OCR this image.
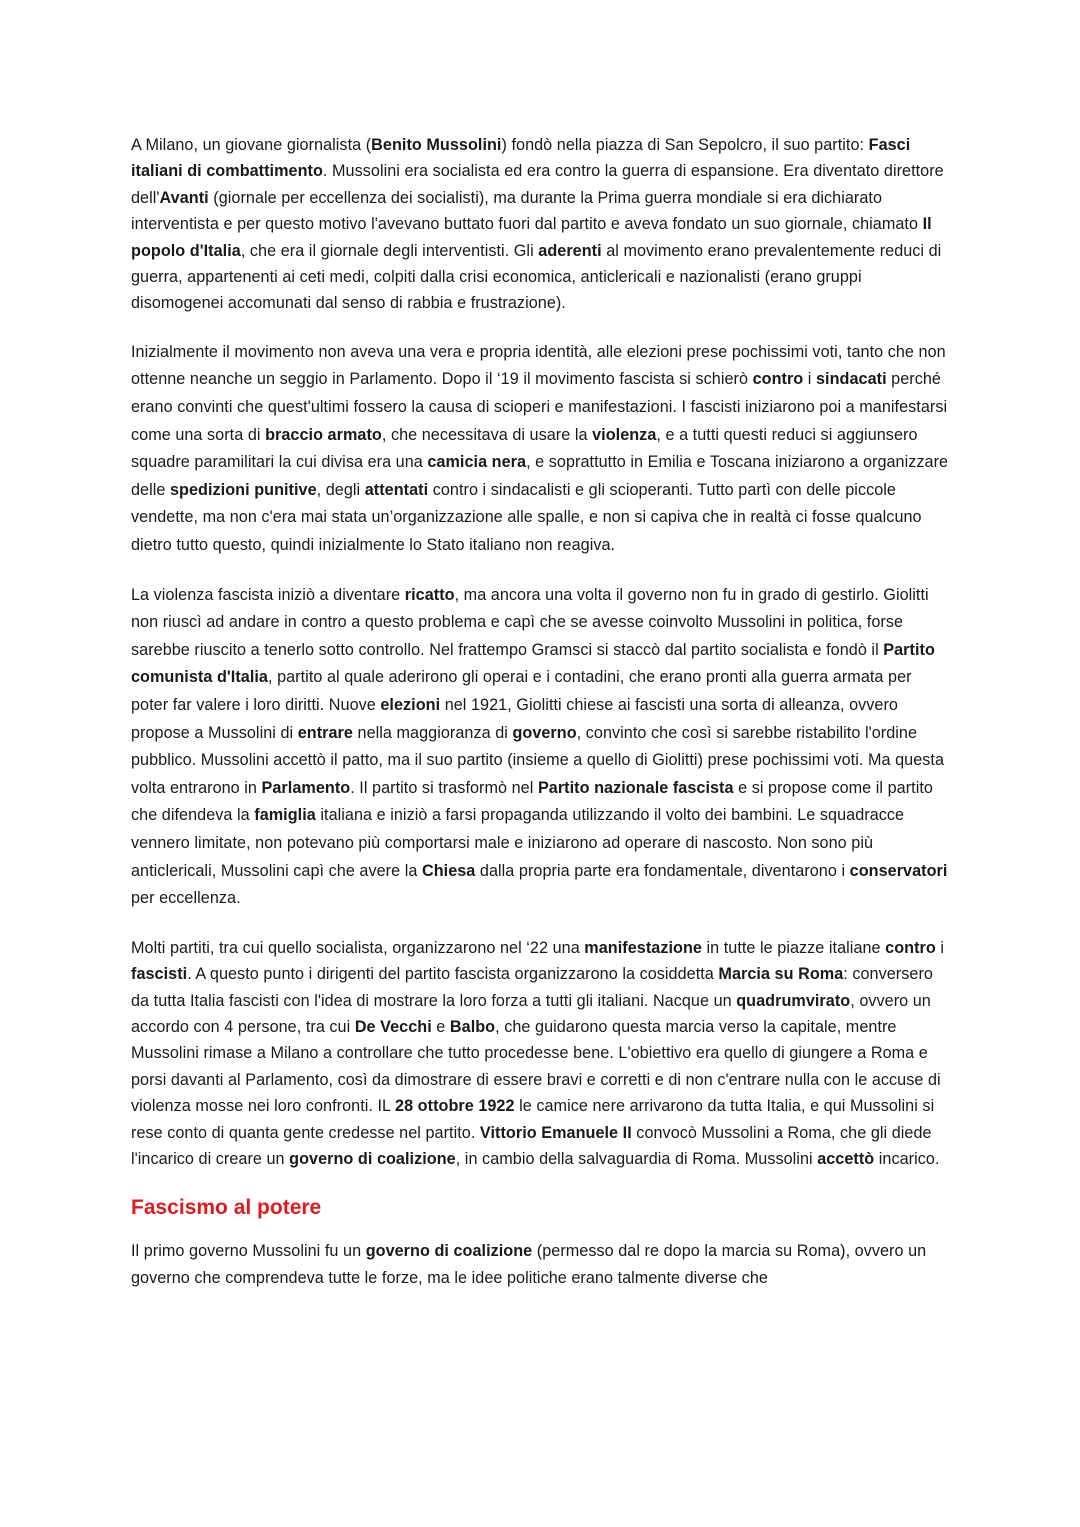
A Milano, un giovane giornalista (Benito Mussolini) fondò nella piazza di San Sepolcro, il suo partito: Fasci italiani di combattimento. Mussolini era socialista ed era contro la guerra di espansione. Era diventato direttore dell'Avanti (giornale per eccellenza dei socialisti), ma durante la Prima guerra mondiale si era dichiarato interventista e per questo motivo l'avevano buttato fuori dal partito e aveva fondato un suo giornale, chiamato Il popolo d'Italia, che era il giornale degli interventisti. Gli aderenti al movimento erano prevalentemente reduci di guerra, appartenenti ai ceti medi, colpiti dalla crisi economica, anticlericali e nazionalisti (erano gruppi disomogenei accomunati dal senso di rabbia e frustrazione).

Inizialmente il movimento non aveva una vera e propria identità, alle elezioni prese pochissimi voti, tanto che non ottenne neanche un seggio in Parlamento. Dopo il ‘19 il movimento fascista si schierò contro i sindacati perché erano convinti che quest'ultimi fossero la causa di scioperi e manifestazioni. I fascisti iniziarono poi a manifestarsi come una sorta di braccio armato, che necessitava di usare la violenza, e a tutti questi reduci si aggiunsero squadre paramilitari la cui divisa era una camicia nera, e soprattutto in Emilia e Toscana iniziarono a organizzare delle spedizioni punitive, degli attentati contro i sindacalisti e gli scioperanti. Tutto partì con delle piccole vendette, ma non c'era mai stata un’organizzazione alle spalle, e non si capiva che in realtà ci fosse qualcuno dietro tutto questo, quindi inizialmente lo Stato italiano non reagiva.

La violenza fascista iniziò a diventare ricatto, ma ancora una volta il governo non fu in grado di gestirlo. Giolitti non riuscì ad andare in contro a questo problema e capì che se avesse coinvolto Mussolini in politica, forse sarebbe riuscito a tenerlo sotto controllo. Nel frattempo Gramsci si staccò dal partito socialista e fondò il Partito comunista d'Italia, partito al quale aderirono gli operai e i contadini, che erano pronti alla guerra armata per poter far valere i loro diritti. Nuove elezioni nel 1921, Giolitti chiese ai fascisti una sorta di alleanza, ovvero propose a Mussolini di entrare nella maggioranza di governo, convinto che così si sarebbe ristabilito l'ordine pubblico. Mussolini accettò il patto, ma il suo partito (insieme a quello di Giolitti) prese pochissimi voti. Ma questa volta entrarono in Parlamento. Il partito si trasformò nel Partito nazionale fascista e si propose come il partito che difendeva la famiglia italiana e iniziò a farsi propaganda utilizzando il volto dei bambini. Le squadracce vennero limitate, non potevano più comportarsi male e iniziarono ad operare di nascosto. Non sono più anticlericali, Mussolini capì che avere la Chiesa dalla propria parte era fondamentale, diventarono i conservatori per eccellenza.

Molti partiti, tra cui quello socialista, organizzarono nel ‘22 una manifestazione in tutte le piazze italiane contro i fascisti. A questo punto i dirigenti del partito fascista organizzarono la cosiddetta Marcia su Roma: conversero da tutta Italia fascisti con l'idea di mostrare la loro forza a tutti gli italiani. Nacque un quadrumvirato, ovvero un accordo con 4 persone, tra cui De Vecchi e Balbo, che guidarono questa marcia verso la capitale, mentre Mussolini rimase a Milano a controllare che tutto procedesse bene. L'obiettivo era quello di giungere a Roma e porsi davanti al Parlamento, così da dimostrare di essere bravi e corretti e di non c'entrare nulla con le accuse di violenza mosse nei loro confronti. IL 28 ottobre 1922 le camice nere arrivarono da tutta Italia, e qui Mussolini si rese conto di quanta gente credesse nel partito. Vittorio Emanuele II convocò Mussolini a Roma, che gli diede l'incarico di creare un governo di coalizione, in cambio della salvaguardia di Roma. Mussolini accettò incarico.

Fascismo al potere

Il primo governo Mussolini fu un governo di coalizione (permesso dal re dopo la marcia su Roma), ovvero un governo che comprendeva tutte le forze, ma le idee politiche erano talmente diverse che
